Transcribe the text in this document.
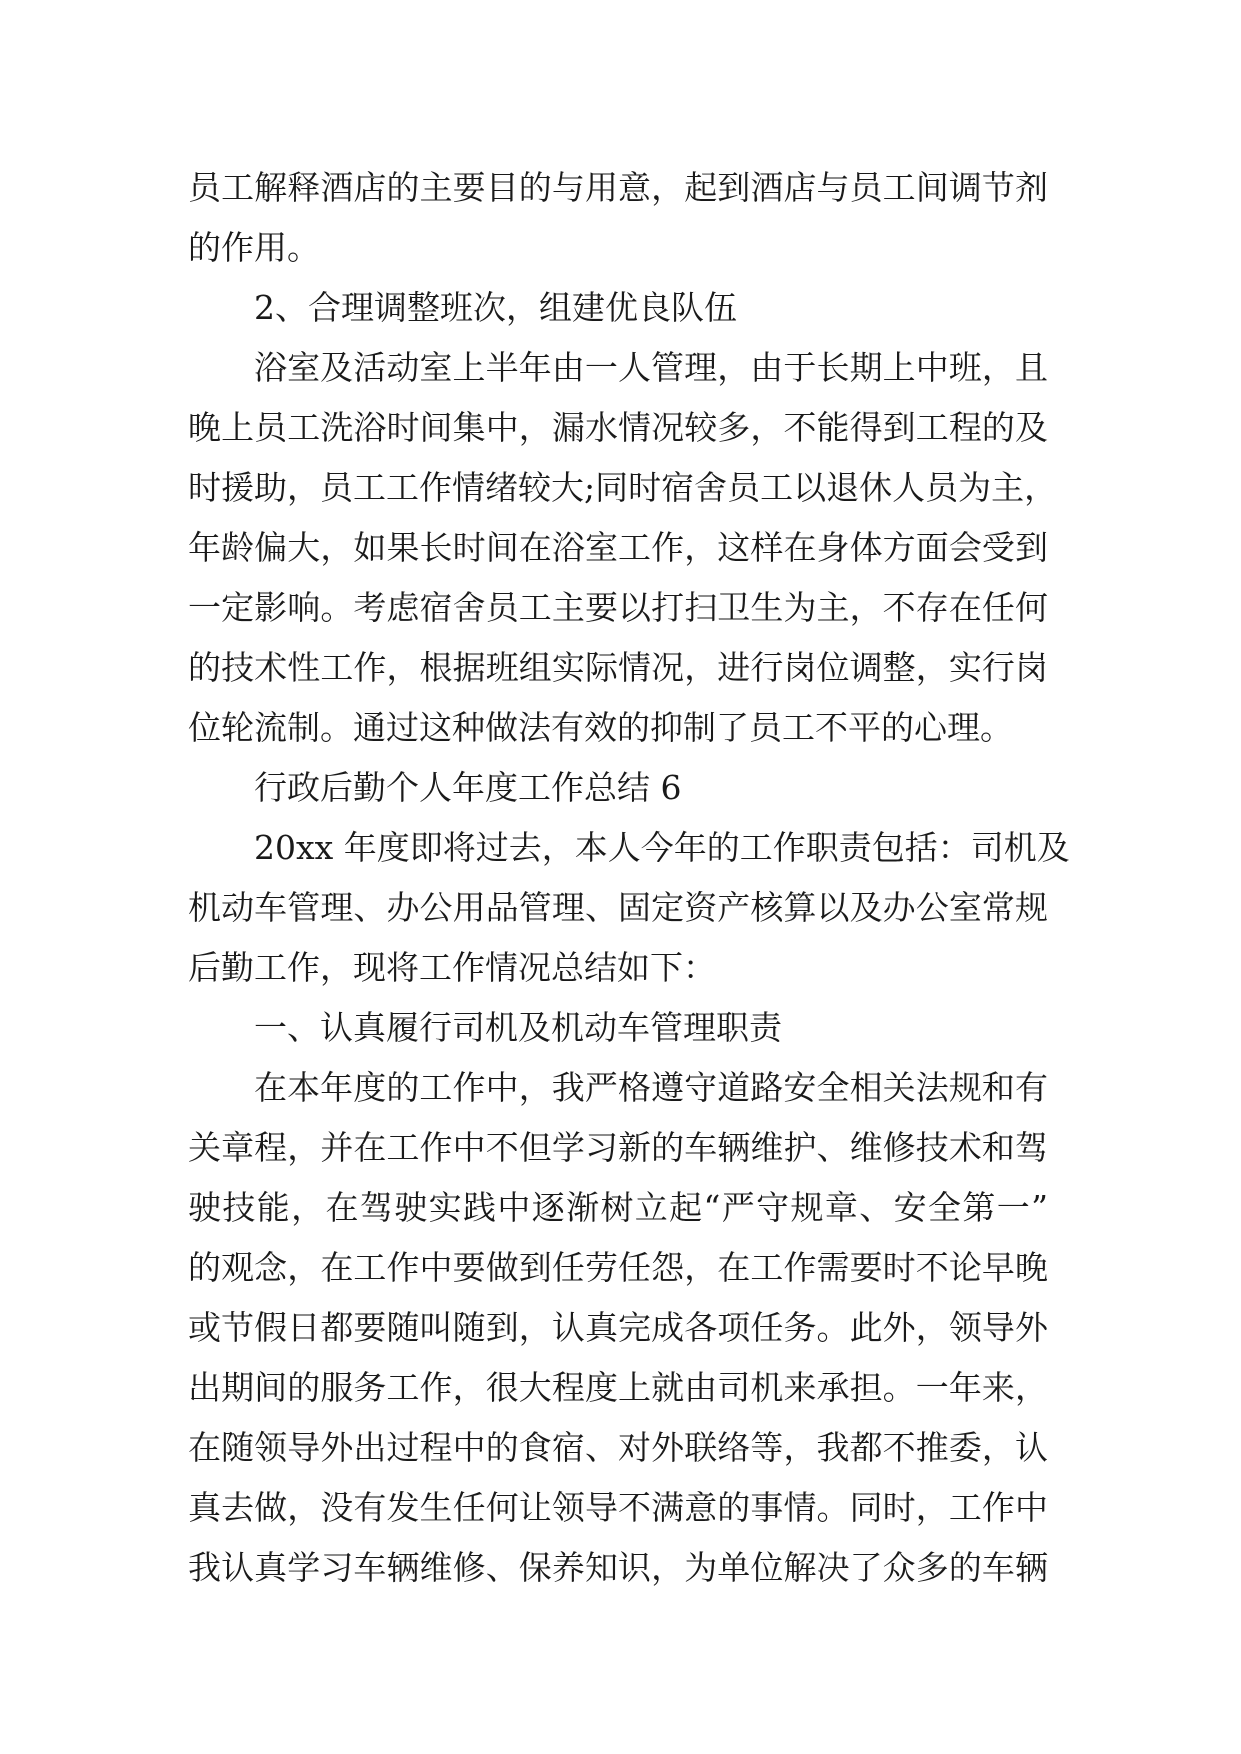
员工解释酒店的主要目的与用意，起到酒店与员工间调节剂
的作用。
2、合理调整班次，组建优良队伍
浴室及活动室上半年由一人管理，由于长期上中班，且
晚上员工洗浴时间集中，漏水情况较多，不能得到工程的及
时援助，员工工作情绪较大;同时宿舍员工以退休人员为主，
年龄偏大，如果长时间在浴室工作，这样在身体方面会受到
一定影响。考虑宿舍员工主要以打扫卫生为主，不存在任何
的技术性工作，根据班组实际情况，进行岗位调整，实行岗
位轮流制。通过这种做法有效的抑制了员工不平的心理。
行政后勤个人年度工作总结 6
20xx 年度即将过去，本人今年的工作职责包括：司机及
机动车管理、办公用品管理、固定资产核算以及办公室常规
后勤工作，现将工作情况总结如下：
一、认真履行司机及机动车管理职责
在本年度的工作中，我严格遵守道路安全相关法规和有
关章程，并在工作中不但学习新的车辆维护、维修技术和驾
驶技能，在驾驶实践中逐渐树立起“严守规章、安全第一”
的观念，在工作中要做到任劳任怨，在工作需要时不论早晚
或节假日都要随叫随到，认真完成各项任务。此外，领导外
出期间的服务工作，很大程度上就由司机来承担。一年来，
在随领导外出过程中的食宿、对外联络等，我都不推委，认
真去做，没有发生任何让领导不满意的事情。同时，工作中
我认真学习车辆维修、保养知识，为单位解决了众多的车辆
